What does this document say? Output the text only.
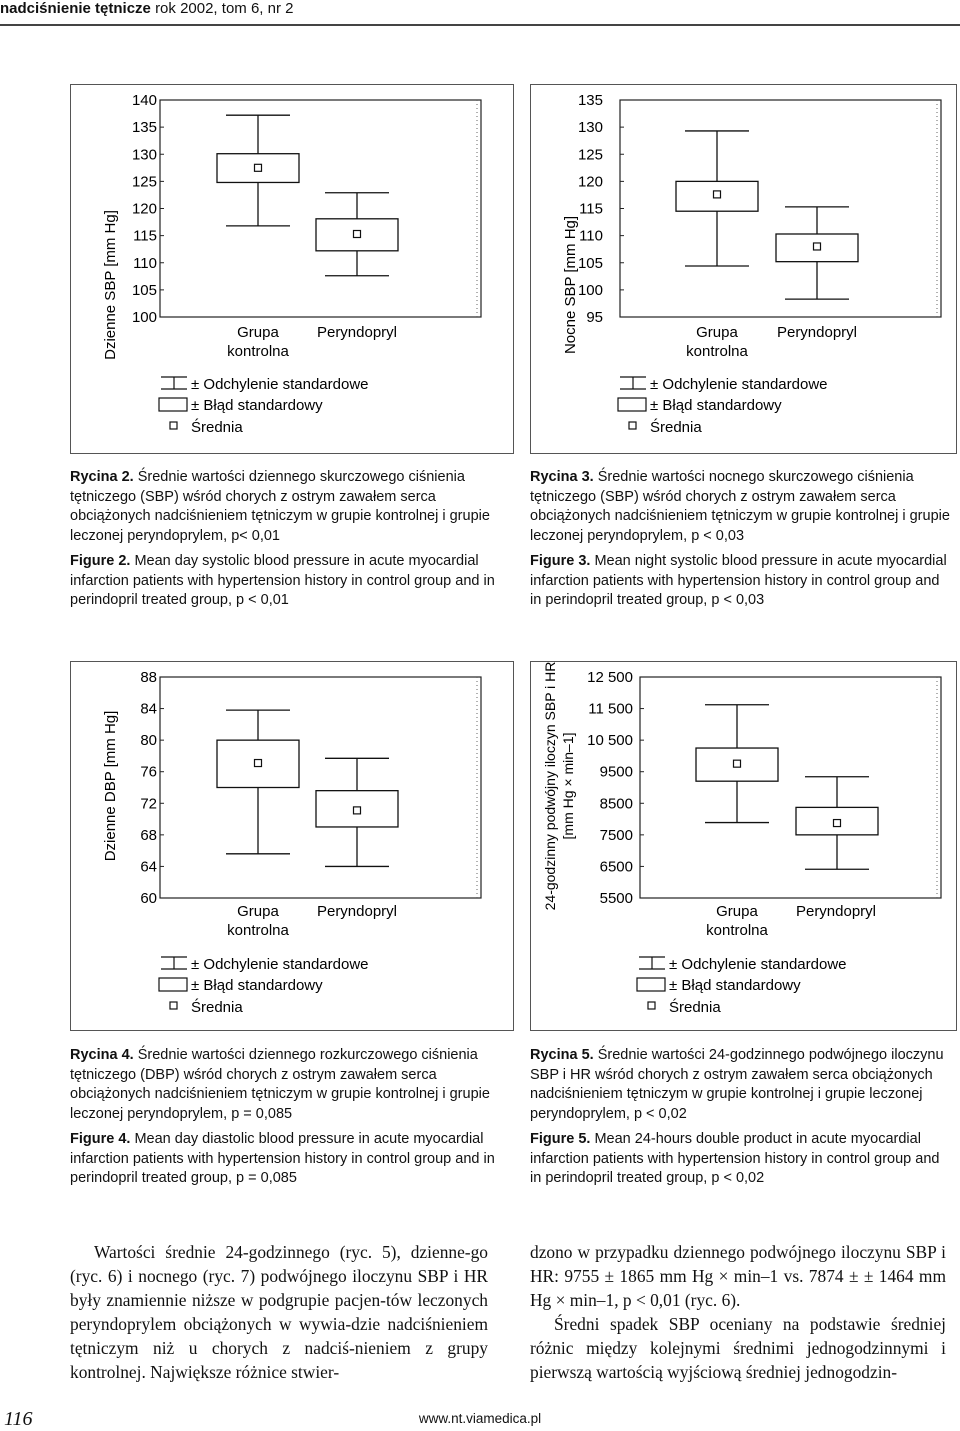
nadciśnienie tętnicze rok 2002, tom 6, nr 2
Dzienne SBP [mm Hg] 100
105
110
115
120
125
130
135
140
Grupa
kontrolna
Peryndopryl
± Odchylenie standardowe
± Błąd standardowy
Średnia
Nocne SBP [mm Hg] 95
100
105
110
115
120
125
130
135
Grupa
kontrolna
Peryndopryl
± Odchylenie standardowe
± Błąd standardowy
Średnia

Rycina 2. Średnie wartości dziennego skurczowego ciśnienia tętniczego (SBP) wśród chorych z ostrym zawałem serca obciążonych nadciśnieniem tętniczym w grupie kontrolnej i grupie leczonej peryndoprylem, p< 0,01

Figure 2. Mean day systolic blood pressure in acute myocardial infarction patients with hypertension history in control group and in perindopril treated group, p < 0,01

Rycina 3. Średnie wartości nocnego skurczowego ciśnienia tętniczego (SBP) wśród chorych z ostrym zawałem serca obciążonych nadciśnieniem tętniczym w grupie kontrolnej i grupie leczonej peryndoprylem, p < 0,03

Figure 3. Mean night systolic blood pressure in acute myocardial infarction patients with hypertension history in control group and in perindopril treated group, p < 0,03

Dzienne DBP [mm Hg]
60
64
68
72
76
80
84
88
Grupa
kontrolna
Peryndopryl
± Odchylenie standardowe
± Błąd standardowy
Średnia
24-godzinny podwójny iloczyn SBP i HR [mm Hg × min–1]
5500
6500
7500
8500
9500
10 500
11 500
12 500
Grupa
kontrolna
Peryndopryl
± Odchylenie standardowe
± Błąd standardowy
Średnia

Rycina 4. Średnie wartości dziennego rozkurczowego ciśnienia tętniczego (DBP) wśród chorych z ostrym zawałem serca obciążonych nadciśnieniem tętniczym w grupie kontrolnej i grupie leczonej peryndoprylem, p = 0,085

Figure 4. Mean day diastolic blood pressure in acute myocardial infarction patients with hypertension history in control group and in perindopril treated group, p = 0,085

Rycina 5. Średnie wartości 24-godzinnego podwójnego iloczynu SBP i HR wśród chorych z ostrym zawałem serca obciążonych nadciśnieniem tętniczym w grupie kontrolnej i grupie leczonej peryndoprylem, p < 0,02

Figure 5. Mean 24-hours double product in acute myocardial infarction patients with hypertension history in control group and in perindopril treated group, p < 0,02

Wartości średnie 24-godzinnego (ryc. 5), dzienne-go (ryc. 6) i nocnego (ryc. 7) podwójnego iloczynu SBP i HR były znamiennie niższe w podgrupie pacjen-tów leczonych peryndoprylem obciążonych w wywia-dzie nadciśnieniem tętniczym niż u chorych z nadciś-nieniem z grupy kontrolnej. Największe różnice stwier-

dzono w przypadku dziennego podwójnego iloczynu SBP i HR: 9755 ± 1865 mm Hg × min–1 vs. 7874 ± ± 1464 mm Hg × min–1, p < 0,01 (ryc. 6).

Średni spadek SBP oceniany na podstawie średniej różnic między kolejnymi średnimi jednogodzinnymi i pierwszą wartością wyjściową średniej jednogodzin-

116	www.nt.viamedica.pl
